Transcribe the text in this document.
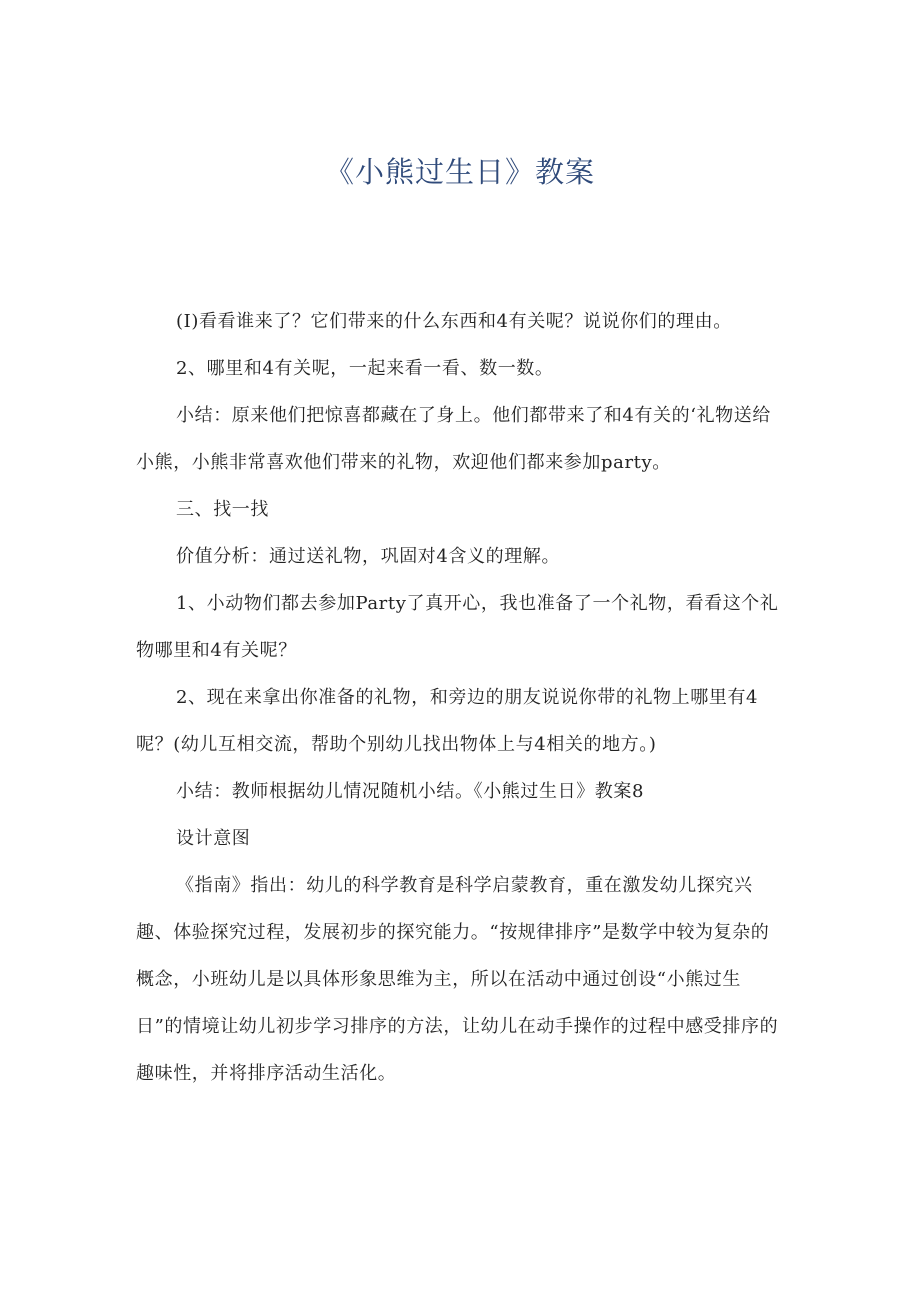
《小熊过生日》教案

(I)看看谁来了？它们带来的什么东西和4有关呢？说说你们的理由。

2、哪里和4有关呢，一起来看一看、数一数。

小结：原来他们把惊喜都藏在了身上。他们都带来了和4有关的‘礼物送给小熊，小熊非常喜欢他们带来的礼物，欢迎他们都来参加party。

三、找一找

价值分析：通过送礼物，巩固对4含义的理解。

1、小动物们都去参加Party了真开心，我也准备了一个礼物，看看这个礼物哪里和4有关呢？

2、现在来拿出你准备的礼物，和旁边的朋友说说你带的礼物上哪里有4呢？(幼儿互相交流，帮助个别幼儿找出物体上与4相关的地方。)

小结：教师根据幼儿情况随机小结。《小熊过生日》教案8

设计意图

《指南》指出：幼儿的科学教育是科学启蒙教育，重在激发幼儿探究兴趣、体验探究过程，发展初步的探究能力。“按规律排序”是数学中较为复杂的概念，小班幼儿是以具体形象思维为主，所以在活动中通过创设“小熊过生日”的情境让幼儿初步学习排序的方法，让幼儿在动手操作的过程中感受排序的趣味性，并将排序活动生活化。
